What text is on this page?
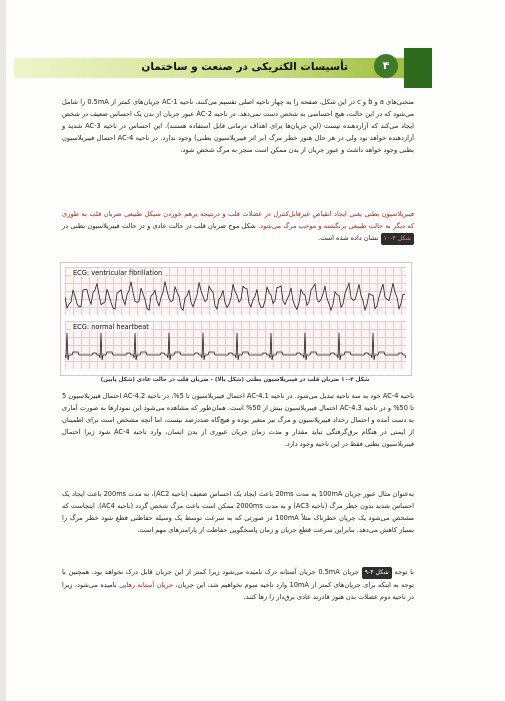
تأسیسات الکتریکی در صنعت و ساختمان	۴

منحنی‌های a و b و c در این شکل، صفحه را به چهار ناحیه اصلی تقسیم می‌کنند. ناحیه AC-1 جریان‌های کمتر از 0.5mA را شامل می‌شود که در این حالت، هیچ احساسی به شخص دست نمی‌دهد. در ناحیه AC-2 عبور جریان از بدن یک احساس ضعیف در شخص ایجاد می‌کند که آزاردهنده نیست (این جریان‌ها برای اهداف درمانی قابل استفاده هستند). این احساس در ناحیه AC-3 شدید و آزاردهنده خواهد بود ولی در هر حال هنوز خطر مرگ (بر اثر فیبریلاسیون بطنی) وجود ندارد. در ناحیه AC-4 احتمال فیبریلاسیون بطنی وجود خواهد داشت و عبور جریان از بدن ممکن است منجر به مرگ شخص شود.

فیبریلاسیون بطنی یعنی ایجاد انقباض غیرقابل‌کنترل در عضلات قلب و درنتیجه برهم خوردن سیکل طبیعی ضربان قلب به طوری که دیگر به حالت طبیعی برنگشته و موجب مرگ می‌شود. شکل موج ضربان قلب در حالت عادی و در حالت فیبریلاسیون بطنی در شکل ۴-۱۰ نشان داده شده است.

ECG: ventricular fibrillation
ECG: normal heartbeat
شکل ۴-۱۰ ضربان قلب در فیبریلاسیون بطنی (شکل بالا) - ضربان قلب در حالت عادی (شکل پایین)

ناحیه AC-4 خود به سه ناحیه تبدیل می‌شود. در ناحیه AC-4.1 احتمال فیبریلاسیون تا 5%، در ناحیه AC-4.2 احتمال فیبریلاسیون 5 تا 50% و در ناحیه AC-4.3 احتمال فیبریلاسیون بیش از 50% است. همان‌طور که مشاهده می‌شود این نمودارها به صورت آماری به دست آمده و احتمال رخداد فیبریلاسیون و مرگ نیز متغیر بوده و هیچ‌گاه صددرصد نیست. اما آنچه مشخص است برای اطمینان از ایمنی در هنگام برق‌گرفتگی نباید مقدار و مدت زمان جریان عبوری از بدن انسان، وارد ناحیه AC-4 شود زیرا احتمال فیبریلاسیون بطنی فقط در این ناحیه وجود دارد.

به‌عنوان مثال عبور جریان 100mA به مدت 20ms باعث ایجاد یک احساس ضعیف (ناحیه AC2)، به مدت 200ms باعث ایجاد یک احساس شدید بدون خطر مرگ (ناحیه AC3) و به مدت 2000ms ممکن است باعث مرگ شخص گردد (ناحیه AC4). اینجاست که مشخص می‌شود یک جریان خطرناک مثلاً 100mA در صورتی که به سرعت توسط یک وسیله حفاظتی قطع شود خطر مرگ را بسیار کاهش می‌دهد. بنابراین سرعت قطع جریان و زمان پاسخگویی حفاظت از پارامترهای مهم است.

با توجه شکل ۴-۹ جریان 0.5mA جریان آستانه درک نامیده می‌شود زیرا کمتر از این جریان قابل درک نخواهد بود. همچنین با توجه به اینکه برای جریان‌های کمتر از 10mA وارد ناحیه سوم نخواهیم شد، این جریان، جریان آستانه رهایی نامیده می‌شود، زیرا در ناحیه دوم عضلات بدن هنوز قادرند عادی برق‌دار را رها کنند.
